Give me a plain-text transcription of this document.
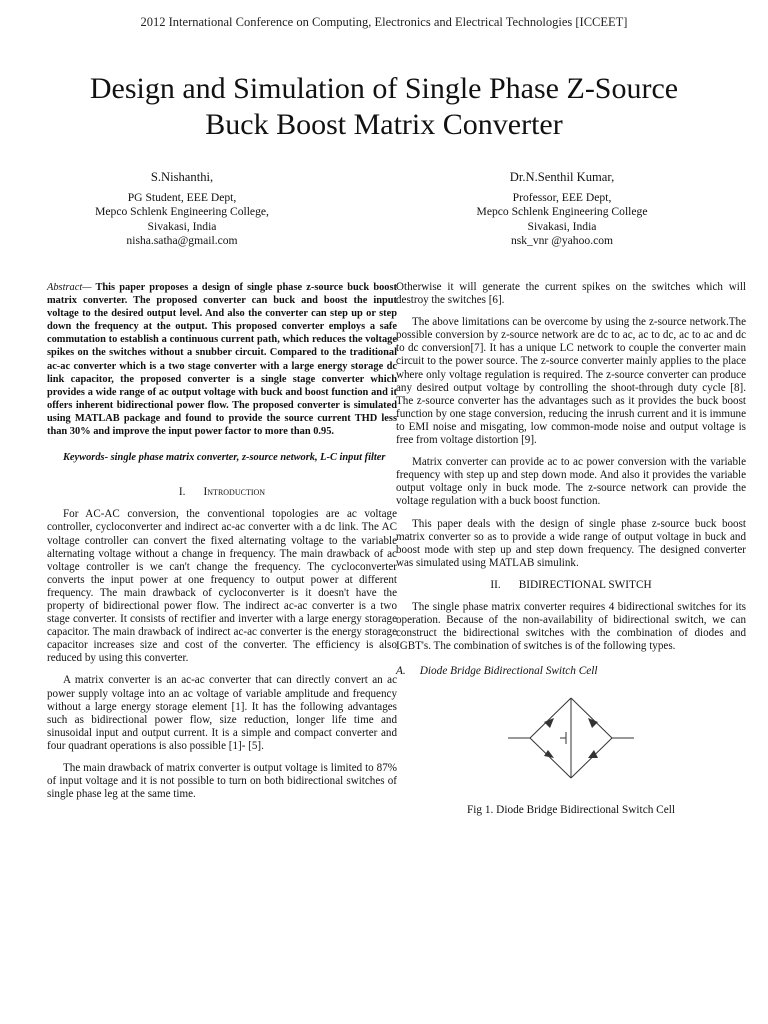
2012 International Conference on Computing, Electronics and Electrical Technologies [ICCEET]
Design and Simulation of Single Phase Z-Source
Buck Boost Matrix Converter
S.Nishanthi,
PG Student, EEE Dept,
Mepco Schlenk Engineering College,
Sivakasi, India
nisha.satha@gmail.com
Dr.N.Senthil Kumar,
Professor, EEE Dept,
Mepco Schlenk Engineering College
Sivakasi, India
nsk_vnr @yahoo.com
Abstract— This paper proposes a design of single phase z-source buck boost matrix converter. The proposed converter can buck and boost the input voltage to the desired output level. And also the converter can step up or step down the frequency at the output. This proposed converter employs a safe commutation to establish a continuous current path, which reduces the voltage spikes on the switches without a snubber circuit. Compared to the traditional ac-ac converter which is a two stage converter with a large energy storage dc link capacitor, the proposed converter is a single stage converter which provides a wide range of ac output voltage with buck and boost function and it offers inherent bidirectional power flow. The proposed converter is simulated using MATLAB package and found to provide the source current THD less than 30% and improve the input power factor to more than 0.95.
Keywords- single phase matrix converter, z-source network, L-C input filter
I. Introduction

For AC-AC conversion, the conventional topologies are ac voltage controller, cycloconverter and indirect ac-ac converter with a dc link. The AC voltage controller can convert the fixed alternating voltage to the variable alternating voltage without a change in frequency. The main drawback of ac voltage controller is we can't change the frequency. The cycloconverter converts the input power at one frequency to output power at different frequency. The main drawback of cycloconverter is it doesn't have the property of bidirectional power flow. The indirect ac-ac converter is a two stage converter. It consists of rectifier and inverter with a large energy storage capacitor. The main drawback of indirect ac-ac converter is the energy storage capacitor increases size and cost of the converter. The efficiency is also reduced by using this converter.

A matrix converter is an ac-ac converter that can directly convert an ac power supply voltage into an ac voltage of variable amplitude and frequency without a large energy storage element [1]. It has the following advantages such as bidirectional power flow, size reduction, longer life time and sinusoidal input and output current. It is a simple and compact converter and four quadrant operations is also possible [1]- [5].

The main drawback of matrix converter is output voltage is limited to 87% of input voltage and it is not possible to turn on both bidirectional switches of single phase leg at the same time.

Otherwise it will generate the current spikes on the switches which will destroy the switches [6].

The above limitations can be overcome by using the z-source network.The possible conversion by z-source network are dc to ac, ac to dc, ac to ac and dc to dc conversion[7]. It has a unique LC network to couple the converter main circuit to the power source. The z-source converter mainly applies to the place where only voltage regulation is required. The z-source converter can produce any desired output voltage by controlling the shoot-through duty cycle [8]. The z-source converter has the advantages such as it provides the buck boost function by one stage conversion, reducing the inrush current and it is immune to EMI noise and misgating, low common-mode noise and output voltage is free from voltage distortion [9].

Matrix converter can provide ac to ac power conversion with the variable frequency with step up and step down mode. And also it provides the variable output voltage only in buck mode. The z-source network can provide the voltage regulation with a buck boost function.

This paper deals with the design of single phase z-source buck boost matrix converter so as to provide a wide range of output voltage in buck and boost mode with step up and step down frequency. The designed converter was simulated using MATLAB simulink.

II. BIDIRECTIONAL SWITCH

The single phase matrix converter requires 4 bidirectional switches for its operation. Because of the non-availability of bidirectional switch, we can construct the bidirectional switches with the combination of diodes and IGBT's. The combination of switches is of the following types.

A. Diode Bridge Bidirectional Switch Cell
Fig 1. Diode Bridge Bidirectional Switch Cell
